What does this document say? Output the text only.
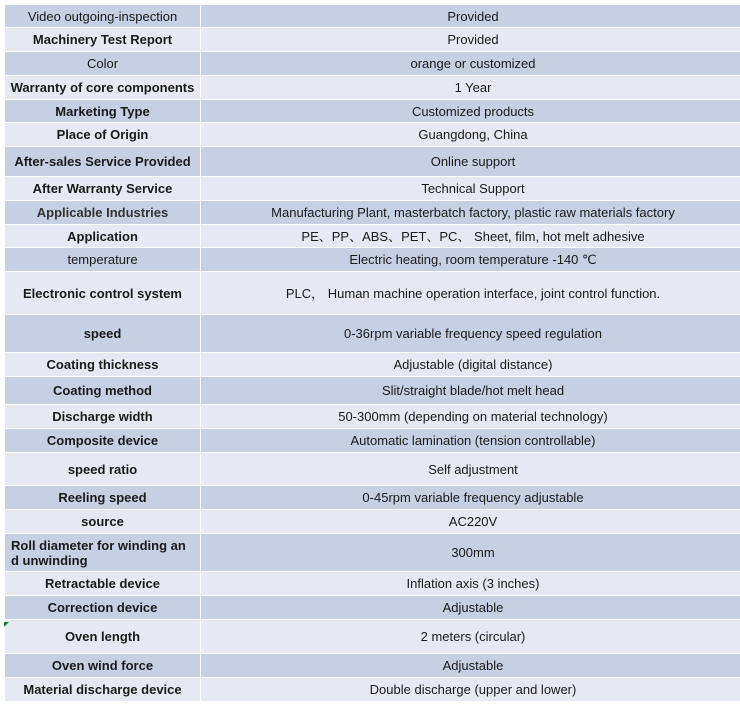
Video outgoing-inspection	Provided
Machinery Test Report	Provided
Color	orange or customized
Warranty of core components	1 Year
Marketing Type	Customized products
Place of Origin	Guangdong, China
After-sales Service Provided	Online support
After Warranty Service	Technical Support
Applicable Industries	Manufacturing Plant, masterbatch factory, plastic raw materials factory
Application	PE、PP、ABS、PET、PC、 Sheet, film, hot melt adhesive
temperature	Electric heating, room temperature -140 ℃
Electronic control system	PLC， Human machine operation interface, joint control function.
speed	0-36rpm variable frequency speed regulation
Coating thickness	Adjustable (digital distance)
Coating method	Slit/straight blade/hot melt head
Discharge width	50-300mm (depending on material technology)
Composite device	Automatic lamination (tension controllable)
speed ratio	Self adjustment
Reeling speed	0-45rpm variable frequency adjustable
source	AC220V
Roll diameter for winding an d unwinding	300mm
Retractable device	Inflation axis (3 inches)
Correction device	Adjustable
Oven length	2 meters (circular)
Oven wind force	Adjustable
Material discharge device	Double discharge (upper and lower)
